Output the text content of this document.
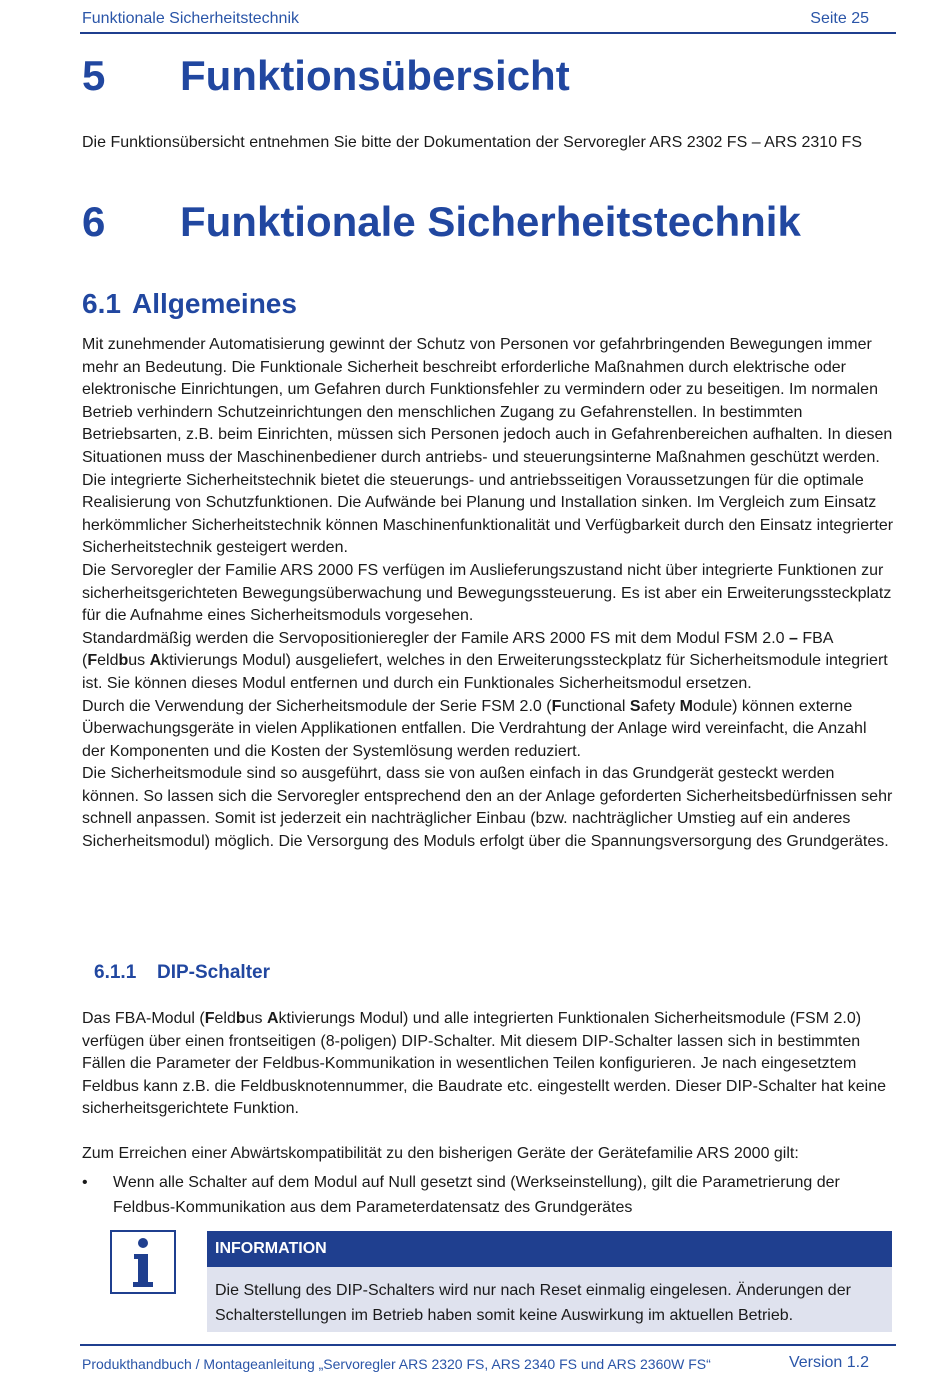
Funktionale Sicherheitstechnik	Seite 25
5 Funktionsübersicht

Die Funktionsübersicht entnehmen Sie bitte der Dokumentation der Servoregler ARS 2302 FS – ARS 2310 FS

6 Funktionale Sicherheitstechnik
6.1 Allgemeines
Mit zunehmender Automatisierung gewinnt der Schutz von Personen vor gefahrbringenden Bewegungen immer mehr an Bedeutung. Die Funktionale Sicherheit beschreibt erforderliche Maßnahmen durch elektrische oder elektronische Einrichtungen, um Gefahren durch Funktionsfehler zu vermindern oder zu beseitigen. Im normalen Betrieb verhindern Schutzeinrichtungen den menschlichen Zugang zu Gefahrenstellen. In bestimmten Betriebsarten, z.B. beim Einrichten, müssen sich Personen jedoch auch in Gefahrenbereichen aufhalten. In diesen Situationen muss der Maschinenbediener durch antriebs- und steuerungsinterne Maßnahmen geschützt werden.
Die integrierte Sicherheitstechnik bietet die steuerungs- und antriebsseitigen Voraussetzungen für die optimale Realisierung von Schutzfunktionen. Die Aufwände bei Planung und Installation sinken. Im Vergleich zum Einsatz herkömmlicher Sicherheitstechnik können Maschinenfunktionalität und Verfügbarkeit durch den Einsatz integrierter Sicherheitstechnik gesteigert werden.
Die Servoregler der Familie ARS 2000 FS verfügen im Auslieferungszustand nicht über integrierte Funktionen zur sicherheitsgerichteten Bewegungsüberwachung und Bewegungssteuerung. Es ist aber ein Erweiterungssteckplatz für die Aufnahme eines Sicherheitsmoduls vorgesehen.
Standardmäßig werden die Servopositionieregler der Famile ARS 2000 FS mit dem Modul FSM 2.0 – FBA (Feldbus Aktivierungs Modul) ausgeliefert, welches in den Erweiterungssteckplatz für Sicherheitsmodule integriert ist. Sie können dieses Modul entfernen und durch ein Funktionales Sicherheitsmodul ersetzen.
Durch die Verwendung der Sicherheitsmodule der Serie FSM 2.0 (Functional Safety Module) können externe Überwachungsgeräte in vielen Applikationen entfallen. Die Verdrahtung der Anlage wird vereinfacht, die Anzahl der Komponenten und die Kosten der Systemlösung werden reduziert.
Die Sicherheitsmodule sind so ausgeführt, dass sie von außen einfach in das Grundgerät gesteckt werden können. So lassen sich die Servoregler entsprechend den an der Anlage geforderten Sicherheitsbedürfnissen sehr schnell anpassen. Somit ist jederzeit ein nachträglicher Einbau (bzw. nachträglicher Umstieg auf ein anderes Sicherheitsmodul) möglich. Die Versorgung des Moduls erfolgt über die Spannungsversorgung des Grundgerätes.
6.1.1 DIP-Schalter

Das FBA-Modul (Feldbus Aktivierungs Modul) und alle integrierten Funktionalen Sicherheitsmodule (FSM 2.0) verfügen über einen frontseitigen (8-poligen) DIP-Schalter. Mit diesem DIP-Schalter lassen sich in bestimmten Fällen die Parameter der Feldbus-Kommunikation in wesentlichen Teilen konfigurieren. Je nach eingesetztem Feldbus kann z.B. die Feldbusknotennummer, die Baudrate etc. eingestellt werden. Dieser DIP-Schalter hat keine sicherheitsgerichtete Funktion.

Zum Erreichen einer Abwärtskompatibilität zu den bisherigen Geräte der Gerätefamilie ARS 2000 gilt:

• Wenn alle Schalter auf dem Modul auf Null gesetzt sind (Werkseinstellung), gilt die Parametrierung der Feldbus-Kommunikation aus dem Parameterdatensatz des Grundgerätes

INFORMATION

Die Stellung des DIP-Schalters wird nur nach Reset einmalig eingelesen. Änderungen der Schalterstellungen im Betrieb haben somit keine Auswirkung im aktuellen Betrieb.

Produkthandbuch / Montageanleitung „Servoregler ARS 2320 FS, ARS 2340 FS und ARS 2360W FS“	Version 1.2
